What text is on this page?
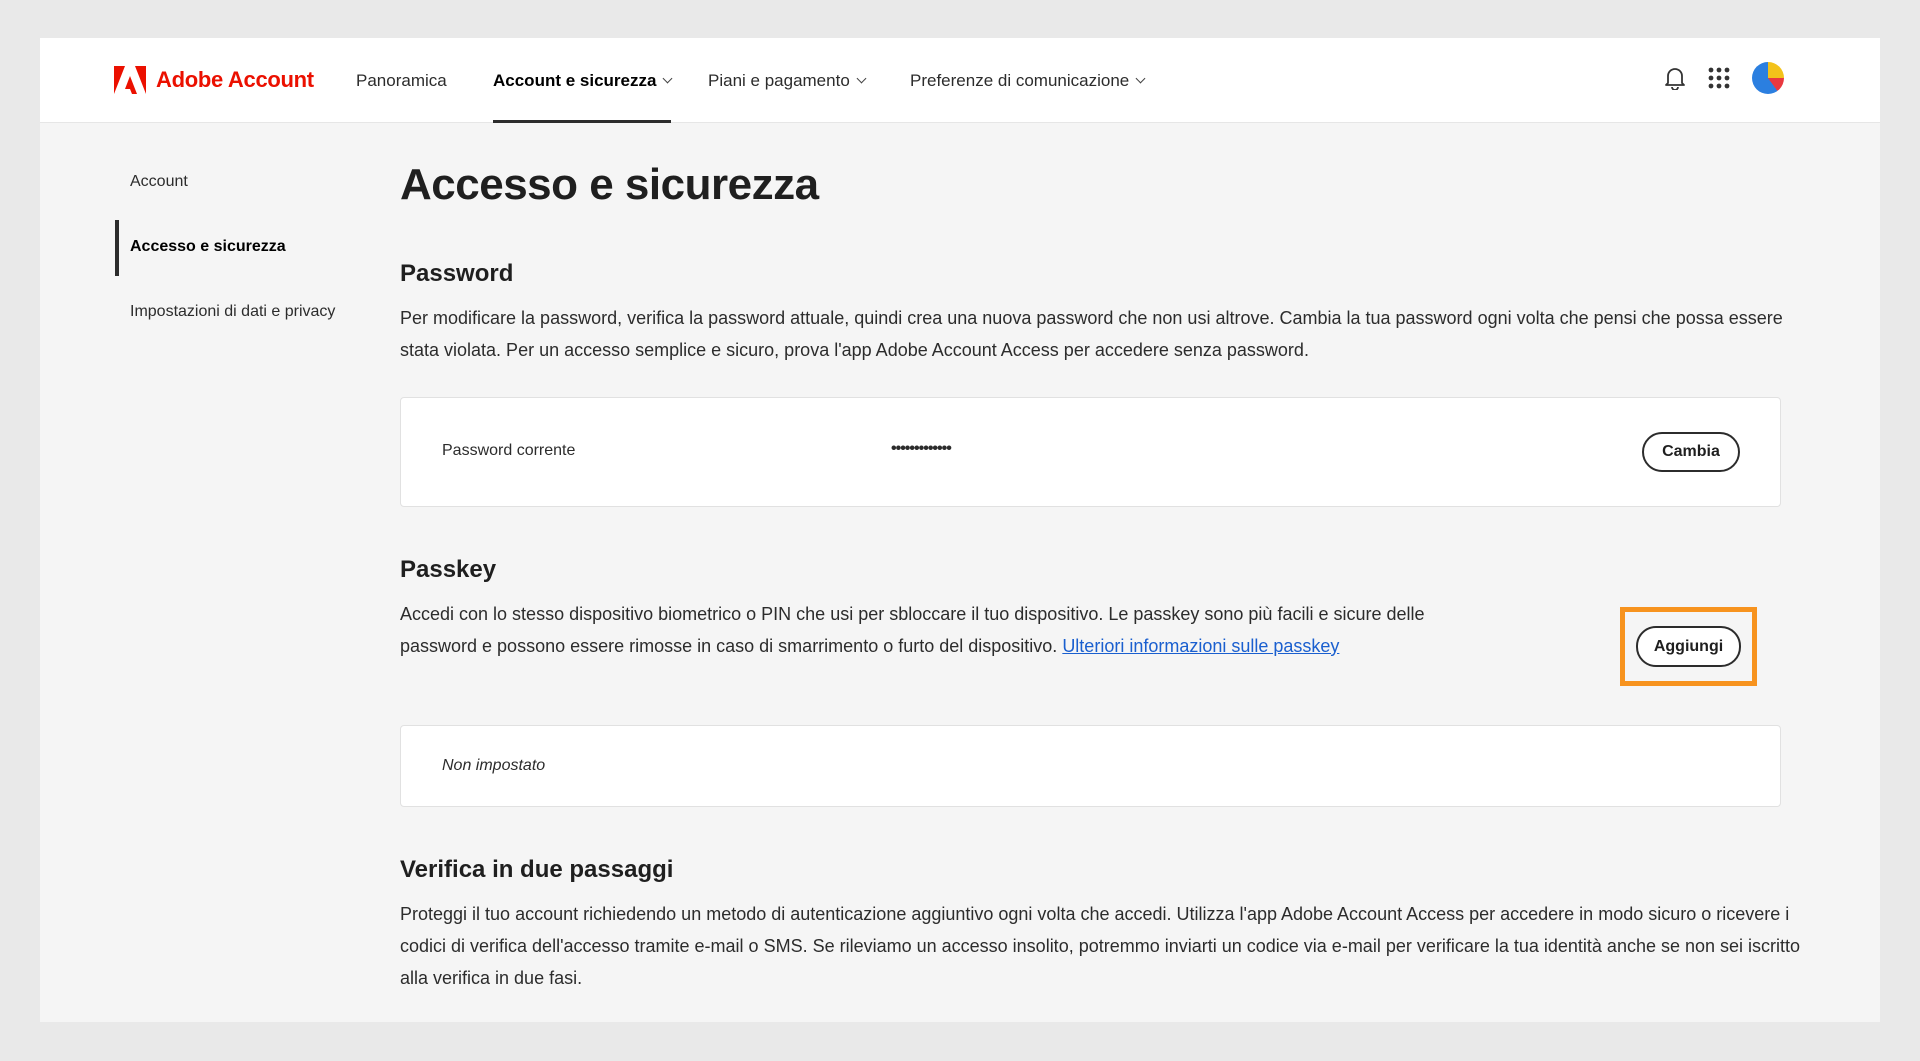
Adobe Account Panoramica	Account e sicurezza	Piani e pagamento	Preferenze di comunicazione
Account
Accesso e sicurezza
Impostazioni di dati e privacy
Accesso e sicurezza
Password

Per modificare la password, verifica la password attuale, quindi crea una nuova password che non usi altrove. Cambia la tua password ogni volta che pensi che possa essere stata violata. Per un accesso semplice e sicuro, prova l'app Adobe Account Access per accedere senza password.

Password corrente	•••••••••••••	Cambia
Passkey

Accedi con lo stesso dispositivo biometrico o PIN che usi per sbloccare il tuo dispositivo. Le passkey sono più facili e sicure delle password e possono essere rimosse in caso di smarrimento o furto del dispositivo. Ulteriori informazioni sulle passkey	Aggiungi
Non impostato
Verifica in due passaggi

Proteggi il tuo account richiedendo un metodo di autenticazione aggiuntivo ogni volta che accedi. Utilizza l'app Adobe Account Access per accedere in modo sicuro o ricevere i codici di verifica dell'accesso tramite e-mail o SMS. Se rileviamo un accesso insolito, potremmo inviarti un codice via e-mail per verificare la tua identità anche se non sei iscritto alla verifica in due fasi.
